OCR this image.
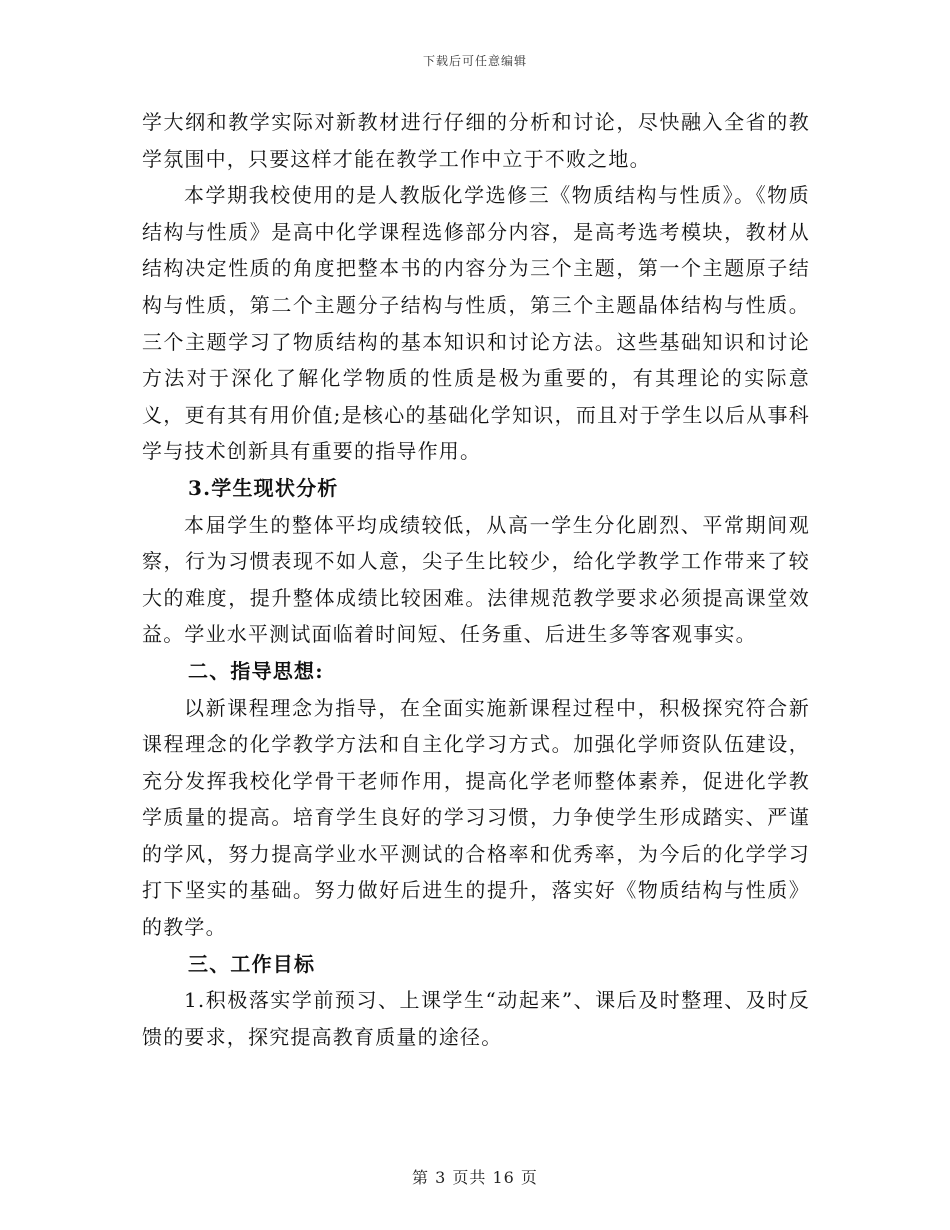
下载后可任意编辑

学大纲和教学实际对新教材进行仔细的分析和讨论，尽快融入全省的教学氛围中，只要这样才能在教学工作中立于不败之地。

本学期我校使用的是人教版化学选修三《物质结构与性质》。《物质结构与性质》是高中化学课程选修部分内容，是高考选考模块，教材从结构决定性质的角度把整本书的内容分为三个主题，第一个主题原子结构与性质，第二个主题分子结构与性质，第三个主题晶体结构与性质。三个主题学习了物质结构的基本知识和讨论方法。这些基础知识和讨论方法对于深化了解化学物质的性质是极为重要的，有其理论的实际意义，更有其有用价值;是核心的基础化学知识，而且对于学生以后从事科学与技术创新具有重要的指导作用。

3.学生现状分析

本届学生的整体平均成绩较低，从高一学生分化剧烈、平常期间观察，行为习惯表现不如人意，尖子生比较少，给化学教学工作带来了较大的难度，提升整体成绩比较困难。法律规范教学要求必须提高课堂效益。学业水平测试面临着时间短、任务重、后进生多等客观事实。

二、指导思想:

以新课程理念为指导，在全面实施新课程过程中，积极探究符合新课程理念的化学教学方法和自主化学习方式。加强化学师资队伍建设，充分发挥我校化学骨干老师作用，提高化学老师整体素养，促进化学教学质量的提高。培育学生良好的学习习惯，力争使学生形成踏实、严谨的学风，努力提高学业水平测试的合格率和优秀率，为今后的化学学习打下坚实的基础。努力做好后进生的提升，落实好《物质结构与性质》的教学。

三、工作目标

1.积极落实学前预习、上课学生“动起来”、课后及时整理、及时反馈的要求，探究提高教育质量的途径。

第 3 页共 16 页
